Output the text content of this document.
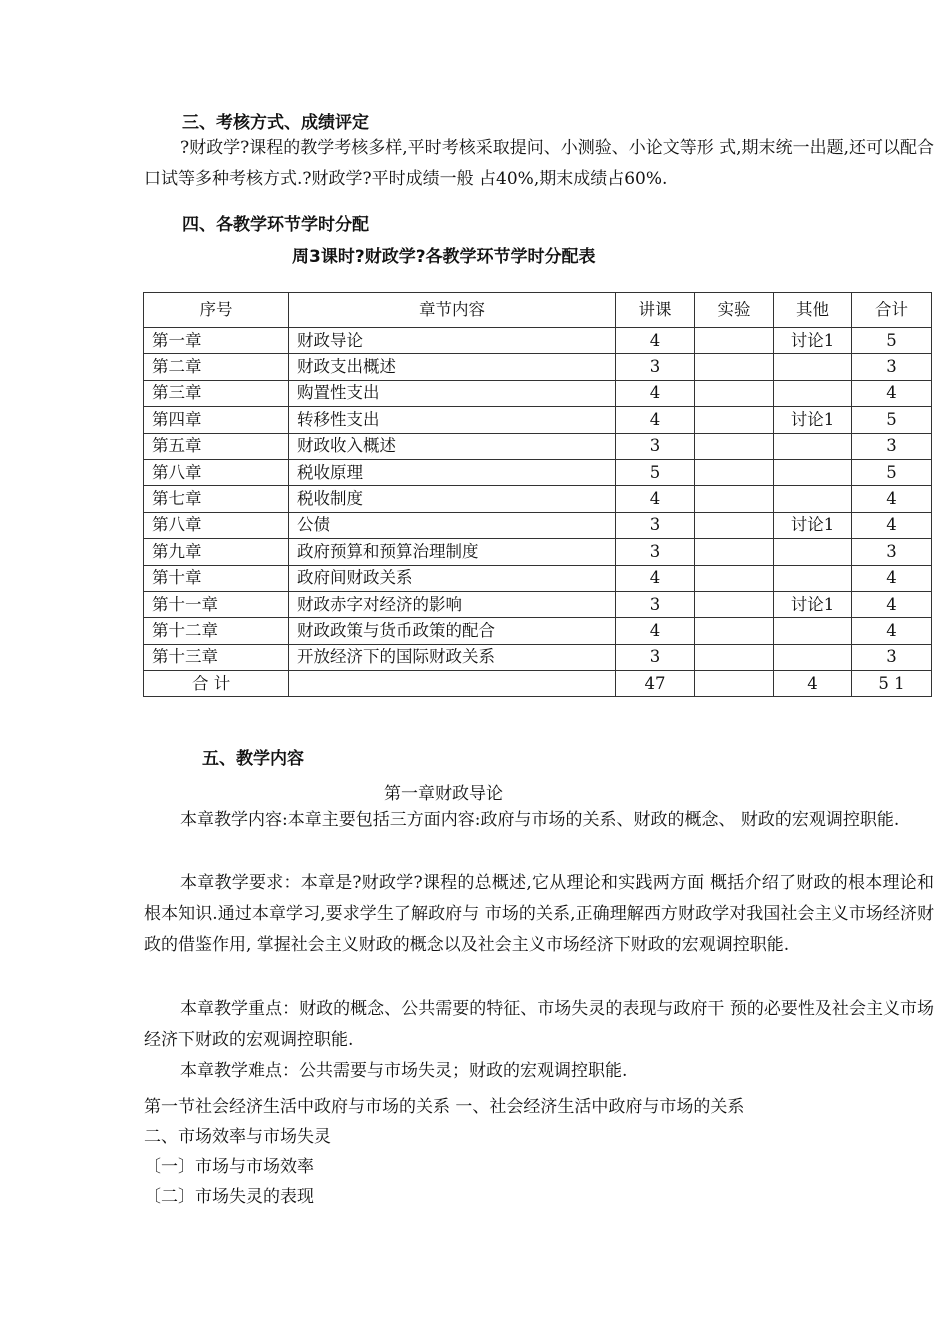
三、考核方式、成绩评定

?财政学?课程的教学考核多样,平时考核采取提问、小测验、小论文等形 式,期末统一出题,还可以配合口试等多种考核方式.?财政学?平时成绩一般 占40%,期末成绩占60%.

四、各教学环节学时分配
周3课时?财政学?各教学环节学时分配表
序号	章节内容	讲课	实验	其他	合计
第一章	财政导论	4		讨论1	5
第二章	财政支出概述	3			3
第三章	购置性支出	4			4
第四章	转移性支出	4		讨论1	5
第五章	财政收入概述	3			3
第八章	税收原理	5			5
第七章	税收制度	4			4
第八章	公债	3		讨论1	4
第九章	政府预算和预算治理制度	3			3
第十章	政府间财政关系	4			4
第十一章	财政赤字对经济的影响	3		讨论1	4
第十二章	财政政策与货币政策的配合	4			4
第十三章	开放经济下的国际财政关系	3			3
合 计		47		4	5 1
五、教学内容
第一章财政导论

本章教学内容:本章主要包括三方面内容:政府与市场的关系、财政的概念、 财政的宏观调控职能.

本章教学要求：本章是?财政学?课程的总概述,它从理论和实践两方面 概括介绍了财政的根本理论和根本知识.通过本章学习,要求学生了解政府与 市场的关系,正确理解西方财政学对我国社会主义市场经济财政的借鉴作用, 掌握社会主义财政的概念以及社会主义市场经济下财政的宏观调控职能.

本章教学重点：财政的概念、公共需要的特征、市场失灵的表现与政府干 预的必要性及社会主义市场经济下财政的宏观调控职能.

本章教学难点：公共需要与市场失灵；财政的宏观调控职能.

第一节社会经济生活中政府与市场的关系 一、社会经济生活中政府与市场的关系
二、市场效率与市场失灵
〔一〕市场与市场效率
〔二〕市场失灵的表现
